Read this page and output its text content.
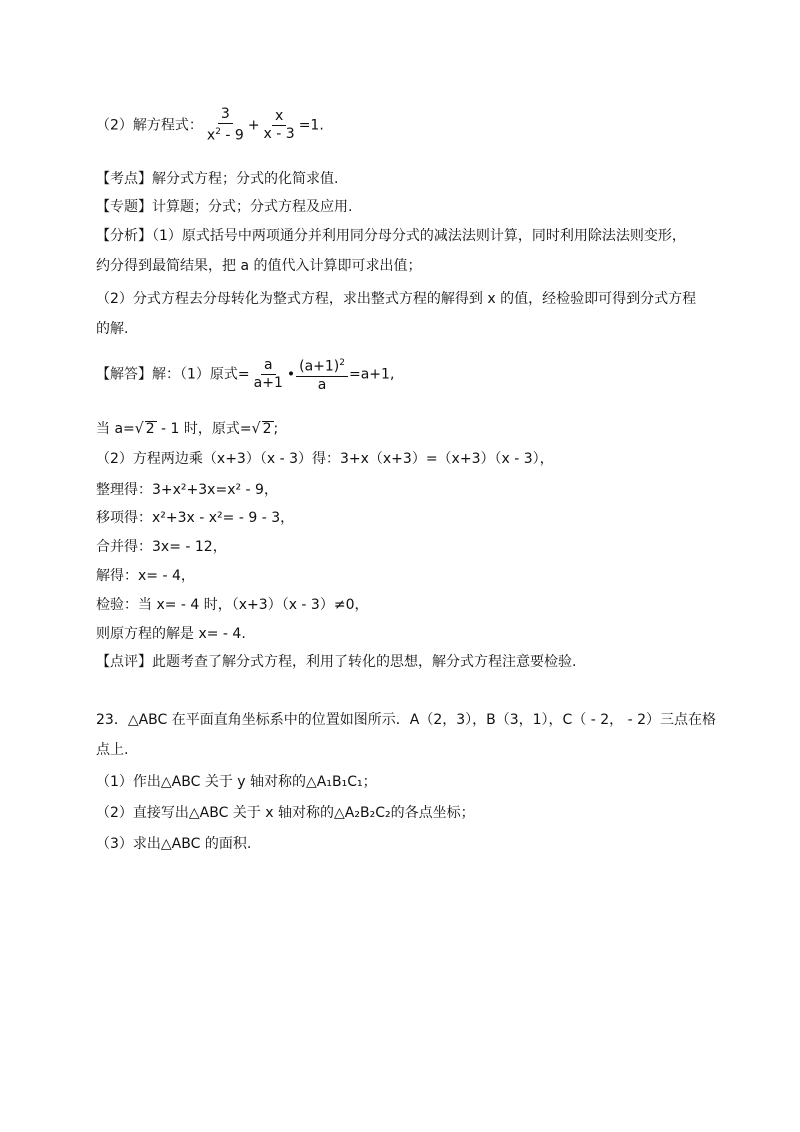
（2）解方程式： $\frac{3}{x^2 - 9} + \frac{x}{x - 3} =1$.
【考点】解分式方程；分式的化简求值.
【专题】计算题；分式；分式方程及应用.
【分析】（1）原式括号中两项通分并利用同分母分式的减法法则计算，同时利用除法法则变形，
约分得到最简结果，把 a 的值代入计算即可求出值；
（2）分式方程去分母转化为整式方程，求出整式方程的解得到 x 的值，经检验即可得到分式方程
的解.
【解答】解：（1）原式= $\frac{a}{a+1}$ • $\frac{(a+1)^2}{a} =a+1$,
当 a=√ 2 - 1 时，原式=√ 2 ;
（2）方程两边乘（x+3）（x - 3）得：3+x（x+3）=（x+3）（x - 3），
整理得：3+x²+3x=x² - 9，
移项得：x²+3x - x²= - 9 - 3，
合并得：3x= - 12，
解得：x= - 4，
检验：当 x= - 4 时，（x+3）（x - 3）≠0，
则原方程的解是 x= - 4.
【点评】此题考查了解分式方程，利用了转化的思想，解分式方程注意要检验.
23．△ABC 在平面直角坐标系中的位置如图所示．A（2，3），B（3，1），C（ - 2， - 2）三点在格
点上.
（1）作出△ABC 关于 y 轴对称的△A₁B₁C₁；
（2）直接写出△ABC 关于 x 轴对称的△A₂B₂C₂的各点坐标；
（3）求出△ABC 的面积.
